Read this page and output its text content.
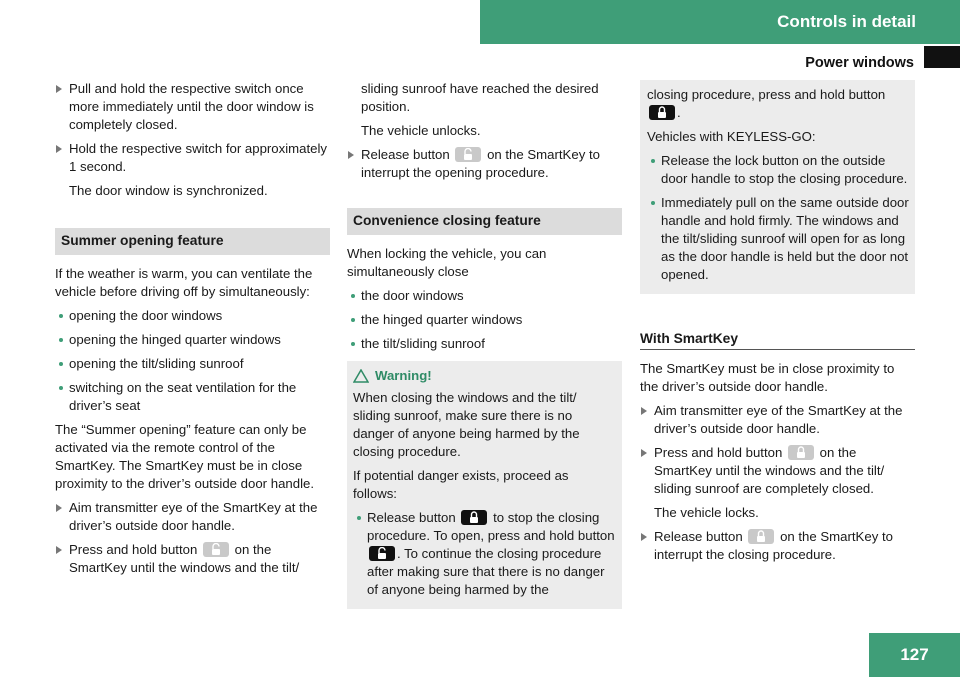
Controls in detail
Power windows
Pull and hold the respective switch once more immediately until the door window is completely closed.
Hold the respective switch for approximately 1 second.
The door window is synchronized.
Summer opening feature

If the weather is warm, you can ventilate the vehicle before driving off by simultaneously:

opening the door windows
opening the hinged quarter windows
opening the tilt/sliding sunroof
switching on the seat ventilation for the driver’s seat

The “Summer opening” feature can only be activated via the remote control of the SmartKey. The SmartKey must be in close proximity to the driver’s outside door handle.

Aim transmitter eye of the SmartKey at the driver’s outside door handle.
Press and hold button	on the SmartKey until the windows and the tilt/
sliding sunroof have reached the desired position.
The vehicle unlocks.
Release button	on the SmartKey to interrupt the opening procedure.
Convenience closing feature

When locking the vehicle, you can simultaneously close

the door windows
the hinged quarter windows
the tilt/sliding sunroof
Warning!

When closing the windows and the tilt/ sliding sunroof, make sure there is no danger of anyone being harmed by the closing procedure.

If potential danger exists, proceed as follows:

Release button	to stop the closing procedure. To open, press and hold button
. To continue the closing procedure after making sure that there is no danger of anyone being harmed by the

closing procedure, press and hold button
.

Vehicles with KEYLESS-GO:

Release the lock button on the outside door handle to stop the closing procedure.
Immediately pull on the same outside door handle and hold firmly. The windows and the tilt/sliding sunroof will open for as long as the door handle is held but the door not opened.
With SmartKey

The SmartKey must be in close proximity to the driver’s outside door handle.

Aim transmitter eye of the SmartKey at the driver’s outside door handle.
Press and hold button	on the SmartKey until the windows and the tilt/ sliding sunroof are completely closed.
The vehicle locks.
Release button	on the SmartKey to interrupt the closing procedure.
127
